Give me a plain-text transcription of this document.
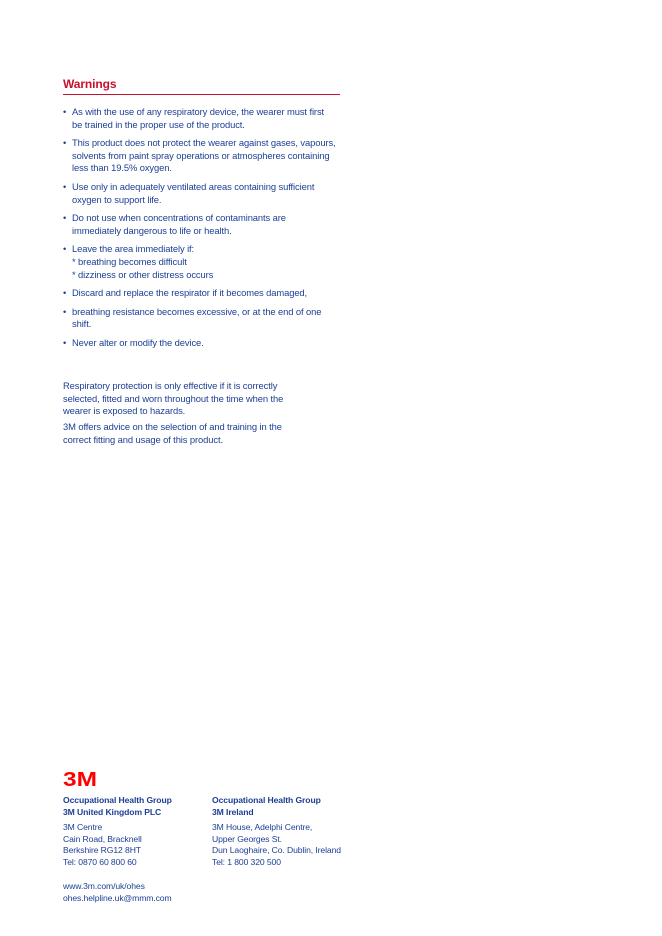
Warnings
• As with the use of any respiratory device, the wearer must first
be trained in the proper use of the product.
• This product does not protect the wearer against gases, vapours,
solvents from paint spray operations or atmospheres containing
less than 19.5% oxygen.
• Use only in adequately ventilated areas containing sufficient
oxygen to support life.
• Do not use when concentrations of contaminants are
immediately dangerous to life or health.
• Leave the area immediately if:
* breathing becomes difficult
* dizziness or other distress occurs
• Discard and replace the respirator if it becomes damaged,
• breathing resistance becomes excessive, or at the end of one
shift.
• Never alter or modify the device.

Respiratory protection is only effective if it is correctly
selected, fitted and worn throughout the time when the
wearer is exposed to hazards.

3M offers advice on the selection of and training in the
correct fitting and usage of this product.

3M
Occupational Health Group
3M United Kingdom PLC
3M Centre
Cain Road, Bracknell
Berkshire RG12 8HT
Tel: 0870 60 800 60
Occupational Health Group
3M Ireland
3M House, Adelphi Centre,
Upper Georges St.
Dun Laoghaire, Co. Dublin, Ireland
Tel: 1 800 320 500
www.3m.com/uk/ohes
ohes.helpline.uk@mmm.com
